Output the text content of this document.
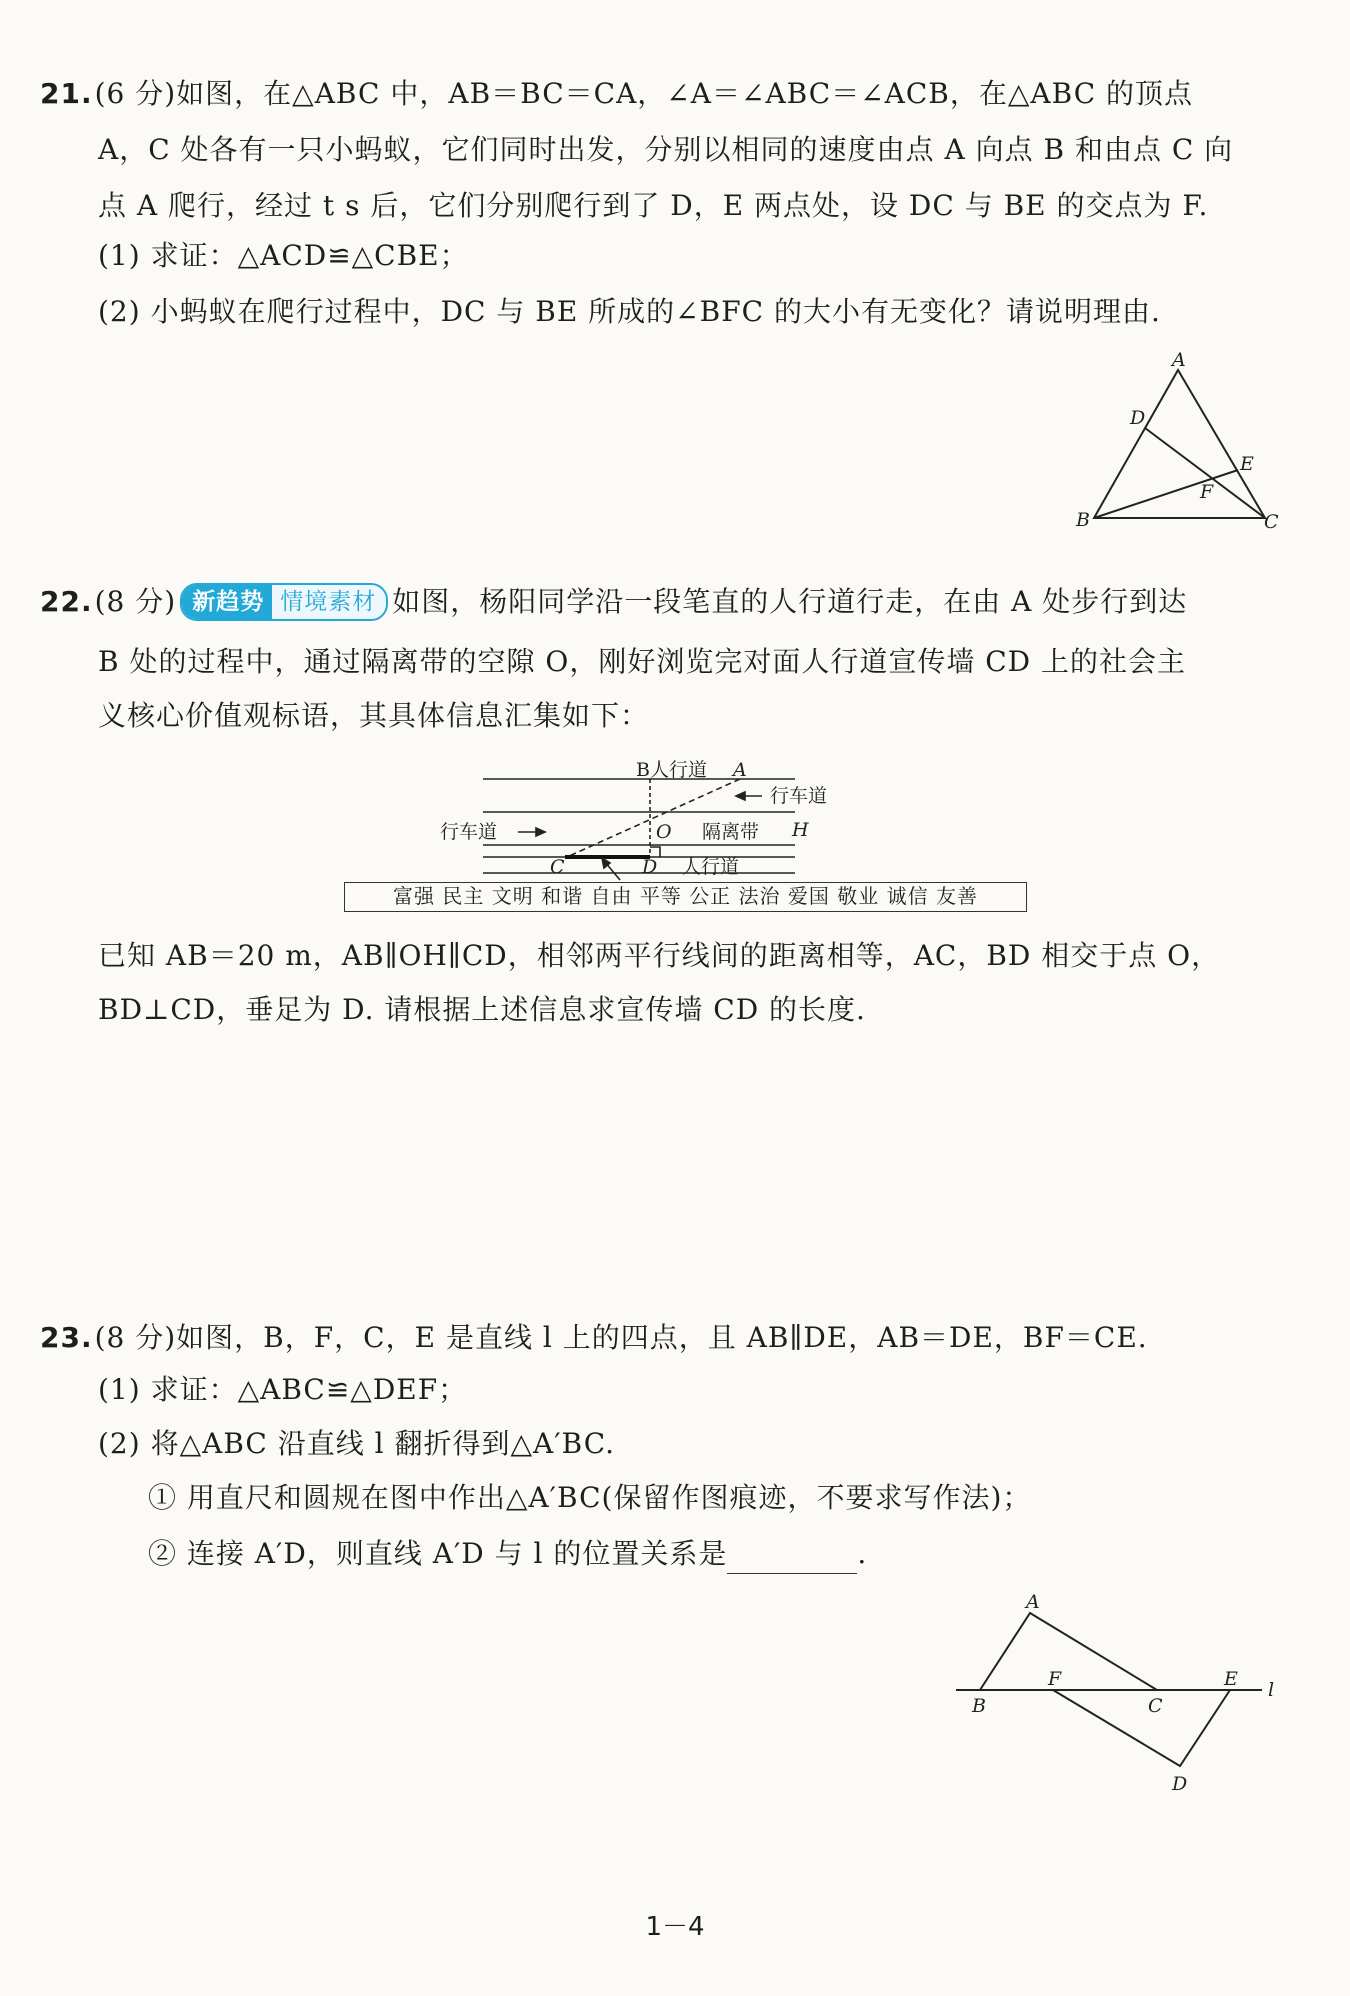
21.(6 分)如图，在△ABC 中，AB＝BC＝CA，∠A＝∠ABC＝∠ACB，在△ABC 的顶点
A，C 处各有一只小蚂蚁，它们同时出发，分别以相同的速度由点 A 向点 B 和由点 C 向
点 A 爬行，经过 t s 后，它们分别爬行到了 D，E 两点处，设 DC 与 BE 的交点为 F.
(1) 求证：△ACD≌△CBE；
(2) 小蚂蚁在爬行过程中，DC 与 BE 所成的∠BFC 的大小有无变化？请说明理由.
A
B	C
D
E
F
22.(8 分) 新趋势 情境素材 如图，杨阳同学沿一段笔直的人行道行走，在由 A 处步行到达
B 处的过程中，通过隔离带的空隙 O，刚好浏览完对面人行道宣传墙 CD 上的社会主
义核心价值观标语，其具体信息汇集如下：
B人行道 A
行车道
行车道	O 隔离带 H
C	D 人行道
富强 民主 文明 和谐 自由 平等 公正 法治 爱国 敬业 诚信 友善
已知 AB＝20 m，AB∥OH∥CD，相邻两平行线间的距离相等，AC，BD 相交于点 O，
BD⊥CD，垂足为 D. 请根据上述信息求宣传墙 CD 的长度.
23.(8 分)如图，B，F，C，E 是直线 l 上的四点，且 AB∥DE，AB＝DE，BF＝CE.
(1) 求证：△ABC≌△DEF；
(2) 将△ABC 沿直线 l 翻折得到△A′BC.
① 用直尺和圆规在图中作出△A′BC(保留作图痕迹，不要求写作法)；
② 连接 A′D，则直线 A′D 与 l 的位置关系是	.
A
B
F
C
E
D
l
1－4
